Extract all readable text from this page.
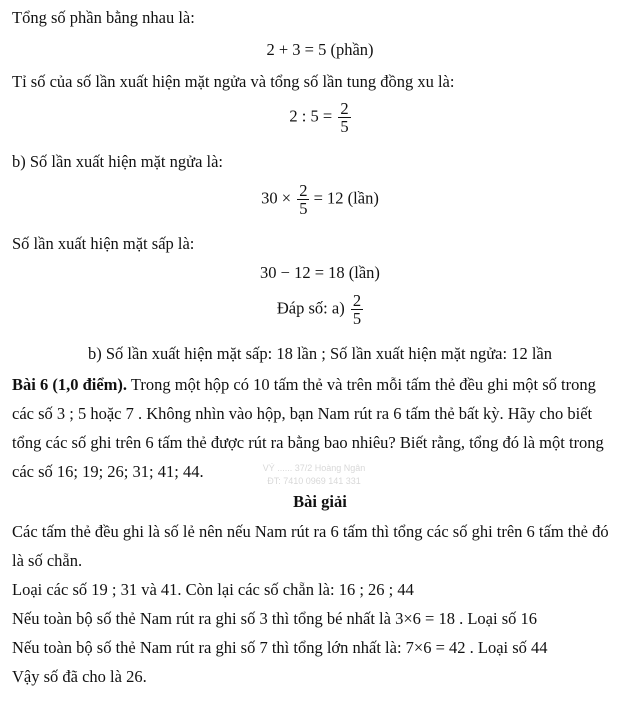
Tổng số phần bằng nhau là:
2 + 3 = 5 (phần)
Tỉ số của số lần xuất hiện mặt ngửa và tổng số lần tung đồng xu là:
2 : $5 = \frac{2}{5}$
b) Số lần xuất hiện mặt ngửa là:
$30 \times \frac{2}{5} = 12$ (lần)
Số lần xuất hiện mặt sấp là:
30 − 12 = 18 (lần)
Đáp số: $a) \frac{2}{5}$
b) Số lần xuất hiện mặt sấp: 18 lần ; Số lần xuất hiện mặt ngửa: 12 lần
Bài 6 (1,0 điểm). Trong một hộp có 10 tấm thẻ và trên mỗi tấm thẻ đều ghi một số trong
các số 3 ; 5 hoặc 7 . Không nhìn vào hộp, bạn Nam rút ra 6 tấm thẻ bất kỳ. Hãy cho biết
tổng các số ghi trên 6 tấm thẻ được rút ra bằng bao nhiêu? Biết rằng, tổng đó là một trong
các số 16; 19; 26; 31; 41; 44.	VÝ ...... 37/2 Hoàng Ngân
ĐT: 7410 0969 141 331
Bài giải
Các tấm thẻ đều ghi là số lẻ nên nếu Nam rút ra 6 tấm thì tổng các số ghi trên 6 tấm thẻ đó
là số chẵn.
Loại các số 19 ; 31 và 41. Còn lại các số chẵn là: 16 ; 26 ; 44
Nếu toàn bộ số thẻ Nam rút ra ghi số 3 thì tổng bé nhất là 3×6 = 18 . Loại số 16
Nếu toàn bộ số thẻ Nam rút ra ghi số 7 thì tổng lớn nhất là: 7×6 = 42 . Loại số 44
Vậy số đã cho là 26.
